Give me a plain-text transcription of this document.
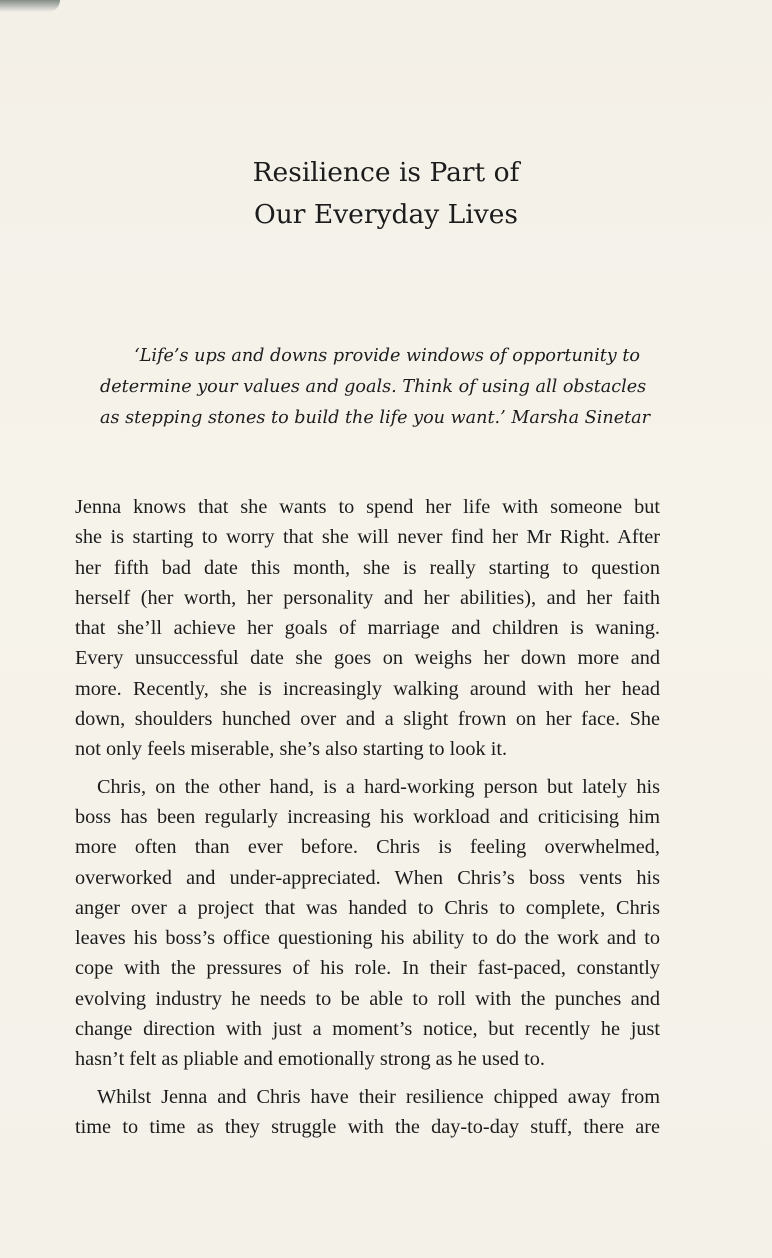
Resilience is Part of
Our Everyday Lives
‘Life’s ups and downs provide windows of opportunity to
determine your values and goals. Think of using all obstacles
as stepping stones to build the life you want.’ Marsha Sinetar

Jenna knows that she wants to spend her life with someone but
she is starting to worry that she will never find her Mr Right. After
her fifth bad date this month, she is really starting to question
herself (her worth, her personality and her abilities), and her faith
that she’ll achieve her goals of marriage and children is waning.
Every unsuccessful date she goes on weighs her down more and
more. Recently, she is increasingly walking around with her head
down, shoulders hunched over and a slight frown on her face. She
not only feels miserable, she’s also starting to look it.

Chris, on the other hand, is a hard-working person but lately his
boss has been regularly increasing his workload and criticising him
more often than ever before. Chris is feeling overwhelmed,
overworked and under-appreciated. When Chris’s boss vents his
anger over a project that was handed to Chris to complete, Chris
leaves his boss’s office questioning his ability to do the work and to
cope with the pressures of his role. In their fast-paced, constantly
evolving industry he needs to be able to roll with the punches and
change direction with just a moment’s notice, but recently he just
hasn’t felt as pliable and emotionally strong as he used to.

Whilst Jenna and Chris have their resilience chipped away from
time to time as they struggle with the day-to-day stuff, there are
